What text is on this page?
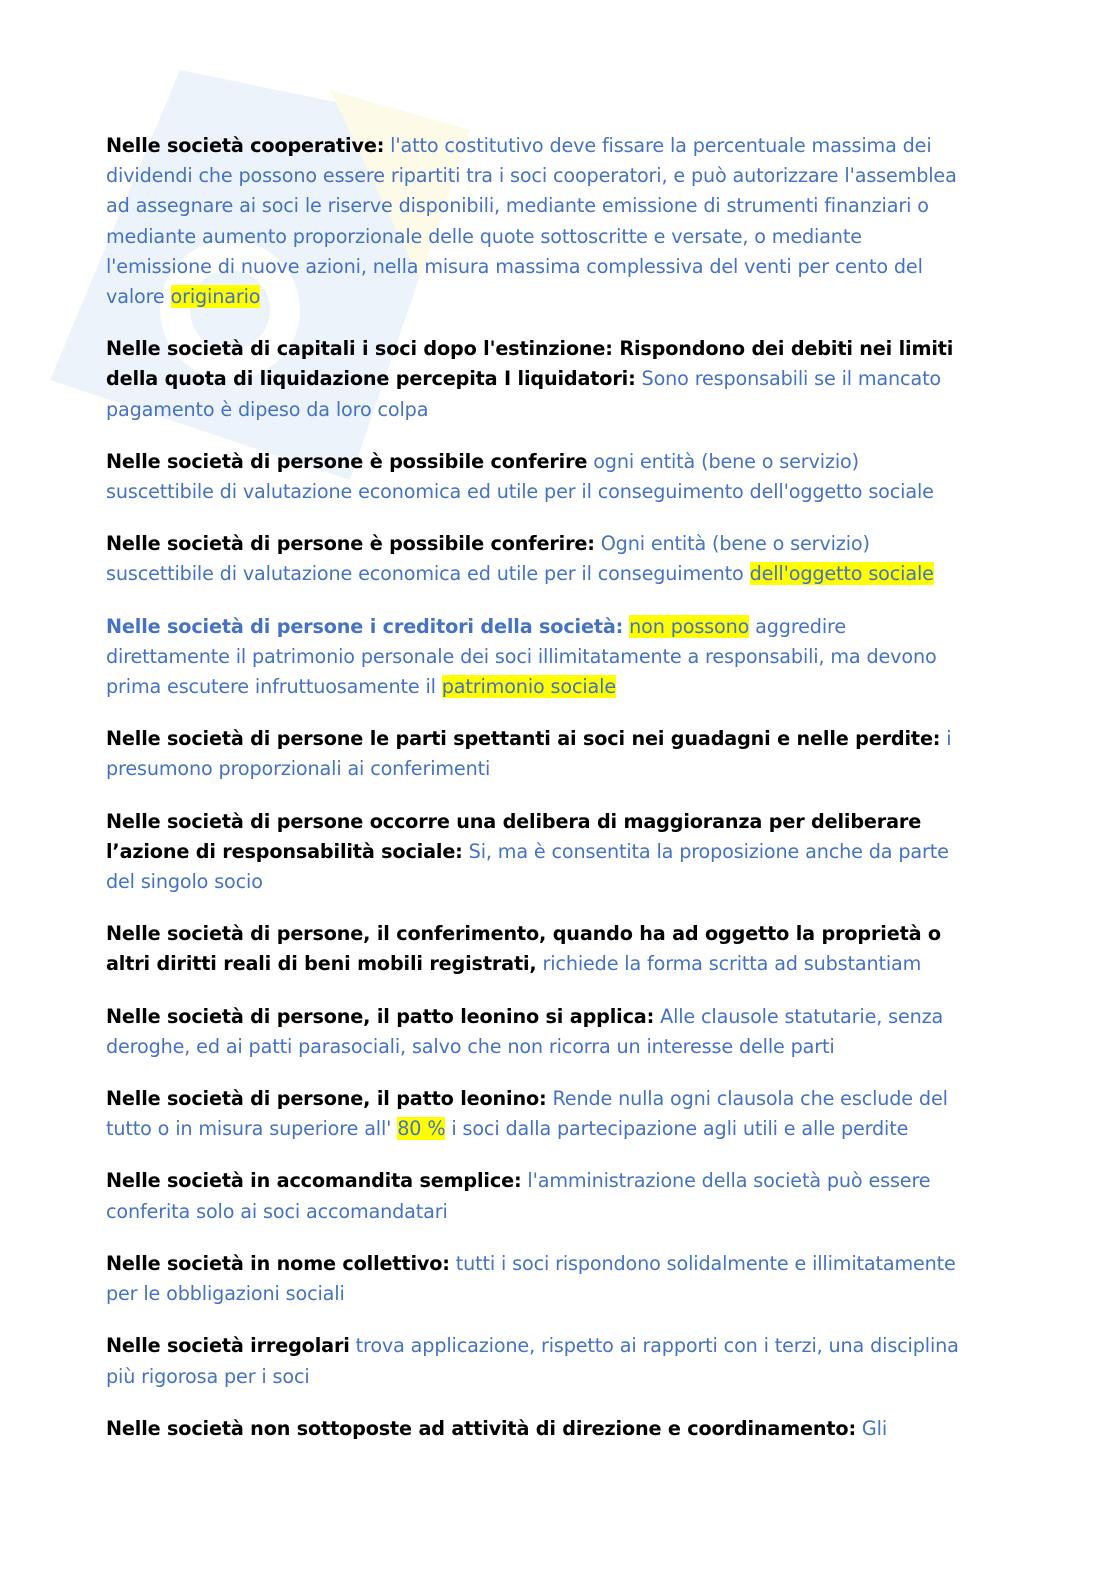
Nelle società cooperative: l'atto costitutivo deve fissare la percentuale massima dei dividendi che possono essere ripartiti tra i soci cooperatori, e può autorizzare l'assemblea ad assegnare ai soci le riserve disponibili, mediante emissione di strumenti finanziari o mediante aumento proporzionale delle quote sottoscritte e versate, o mediante l'emissione di nuove azioni, nella misura massima complessiva del venti per cento del valore originario

Nelle società di capitali i soci dopo l'estinzione: Rispondono dei debiti nei limiti della quota di liquidazione percepita I liquidatori: Sono responsabili se il mancato pagamento è dipeso da loro colpa

Nelle società di persone è possibile conferire ogni entità (bene o servizio) suscettibile di valutazione economica ed utile per il conseguimento dell'oggetto sociale

Nelle società di persone è possibile conferire: Ogni entità (bene o servizio) suscettibile di valutazione economica ed utile per il conseguimento dell'oggetto sociale

Nelle società di persone i creditori della società: non possono aggredire direttamente il patrimonio personale dei soci illimitatamente a responsabili, ma devono prima escutere infruttuosamente il patrimonio sociale

Nelle società di persone le parti spettanti ai soci nei guadagni e nelle perdite: i presumono proporzionali ai conferimenti

Nelle società di persone occorre una delibera di maggioranza per deliberare l’azione di responsabilità sociale: Si, ma è consentita la proposizione anche da parte del singolo socio

Nelle società di persone, il conferimento, quando ha ad oggetto la proprietà o altri diritti reali di beni mobili registrati, richiede la forma scritta ad substantiam

Nelle società di persone, il patto leonino si applica: Alle clausole statutarie, senza deroghe, ed ai patti parasociali, salvo che non ricorra un interesse delle parti

Nelle società di persone, il patto leonino: Rende nulla ogni clausola che esclude del tutto o in misura superiore all' 80 % i soci dalla partecipazione agli utili e alle perdite

Nelle società in accomandita semplice: l'amministrazione della società può essere conferita solo ai soci accomandatari

Nelle società in nome collettivo: tutti i soci rispondono solidalmente e illimitatamente per le obbligazioni sociali

Nelle società irregolari trova applicazione, rispetto ai rapporti con i terzi, una disciplina più rigorosa per i soci

Nelle società non sottoposte ad attività di direzione e coordinamento: Gli
